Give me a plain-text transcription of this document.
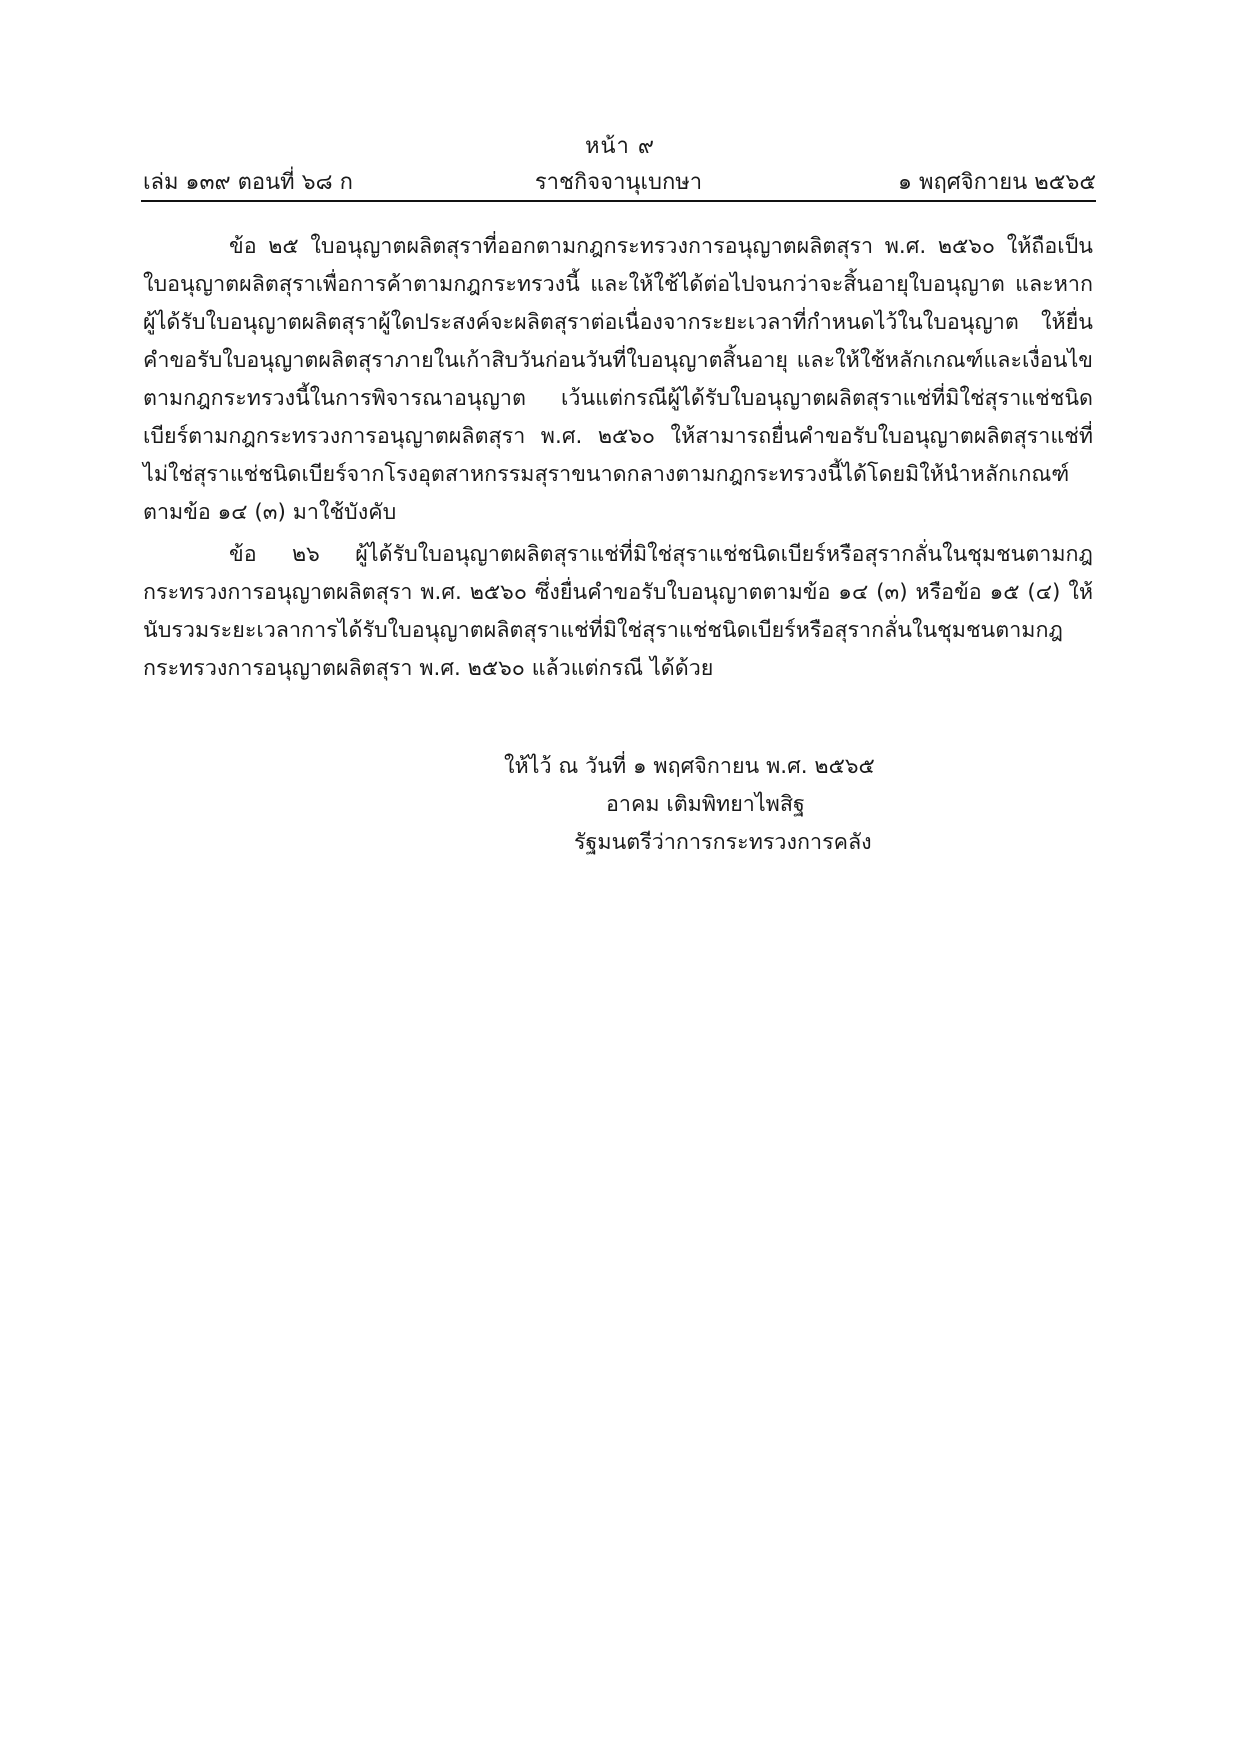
หน้า ๙
ราชกิจจานุเบกษา
เล่ม ๑๓๙ ตอนที่ ๖๘ ก	๑ พฤศจิกายน ๒๕๖๕

ข้อ ๒๕ ใบอนุญาตผลิตสุราที่ออกตามกฎกระทรวงการอนุญาตผลิตสุรา พ.ศ. ๒๕๖๐ ให้ถือเป็นใบอนุญาตผลิตสุราเพื่อการค้าตามกฎกระทรวงนี้ และให้ใช้ได้ต่อไปจนกว่าจะสิ้นอายุใบอนุญาต และหากผู้ได้รับใบอนุญาตผลิตสุราผู้ใดประสงค์จะผลิตสุราต่อเนื่องจากระยะเวลาที่กำหนดไว้ในใบอนุญาต ให้ยื่นคำขอรับใบอนุญาตผลิตสุราภายในเก้าสิบวันก่อนวันที่ใบอนุญาตสิ้นอายุ และให้ใช้หลักเกณฑ์และเงื่อนไขตามกฎกระทรวงนี้ในการพิจารณาอนุญาต เว้นแต่กรณีผู้ได้รับใบอนุญาตผลิตสุราแช่ที่มิใช่สุราแช่ชนิดเบียร์ตามกฎกระทรวงการอนุญาตผลิตสุรา พ.ศ. ๒๕๖๐ ให้สามารถยื่นคำขอรับใบอนุญาตผลิตสุราแช่ที่ไม่ใช่สุราแช่ชนิดเบียร์จากโรงอุตสาหกรรมสุราขนาดกลางตามกฎกระทรวงนี้ได้โดยมิให้นำหลักเกณฑ์ตามข้อ ๑๔ (๓) มาใช้บังคับ

ข้อ ๒๖ ผู้ได้รับใบอนุญาตผลิตสุราแช่ที่มิใช่สุราแช่ชนิดเบียร์หรือสุรากลั่นในชุมชนตามกฎกระทรวงการอนุญาตผลิตสุรา พ.ศ. ๒๕๖๐ ซึ่งยื่นคำขอรับใบอนุญาตตามข้อ ๑๔ (๓) หรือข้อ ๑๕ (๔) ให้นับรวมระยะเวลาการได้รับใบอนุญาตผลิตสุราแช่ที่มิใช่สุราแช่ชนิดเบียร์หรือสุรากลั่นในชุมชนตามกฎกระทรวงการอนุญาตผลิตสุรา พ.ศ. ๒๕๖๐ แล้วแต่กรณี ได้ด้วย

ให้ไว้ ณ วันที่ ๑ พฤศจิกายน พ.ศ. ๒๕๖๕
อาคม เติมพิทยาไพสิฐ
รัฐมนตรีว่าการกระทรวงการคลัง
